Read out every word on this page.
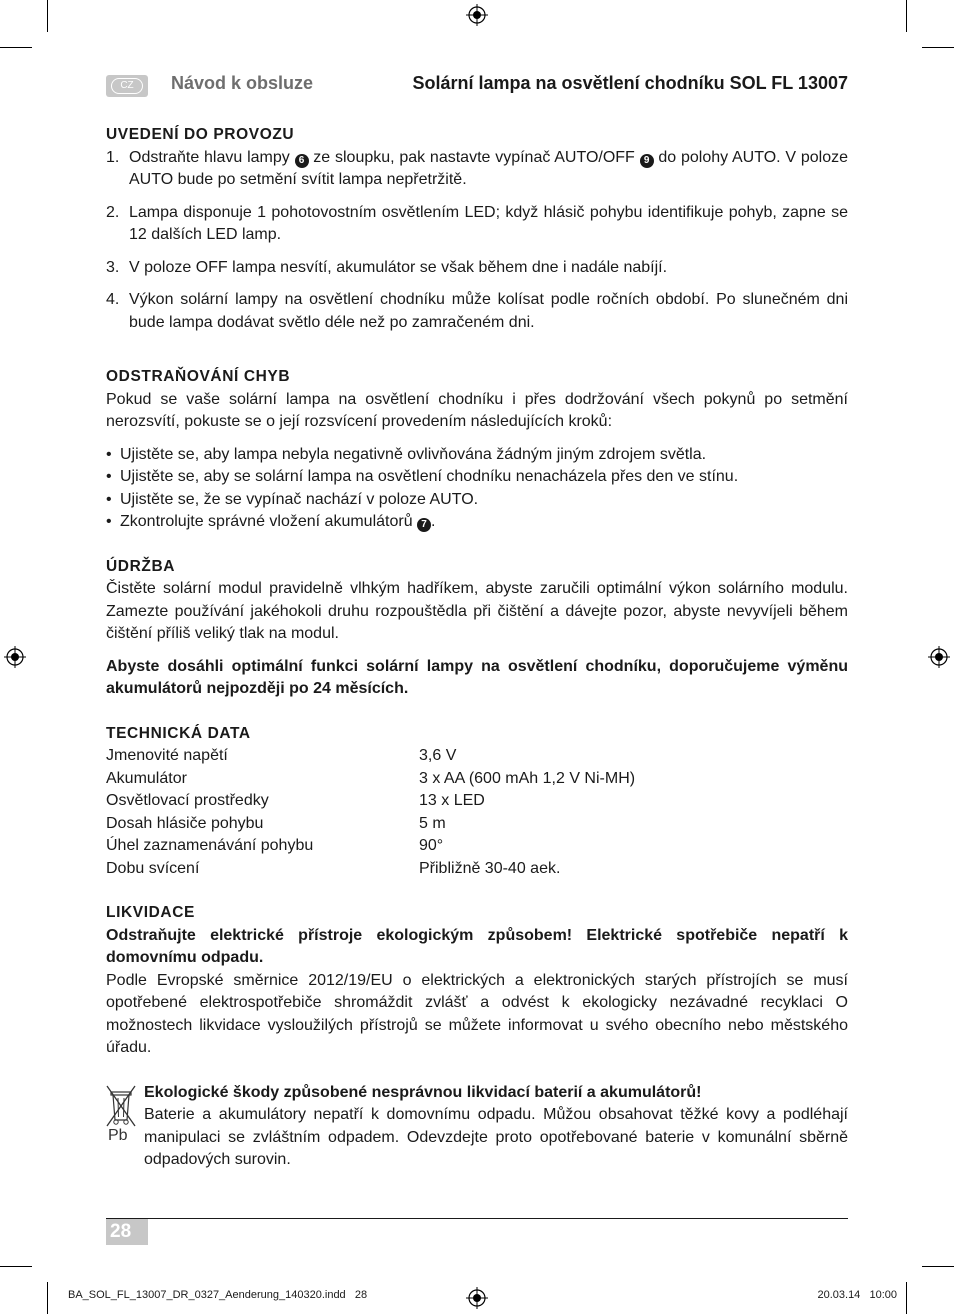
CZ	Návod k obsluze	Solární lampa na osvětlení chodníku SOL FL 13007

UVEDENÍ DO PROVOZU

1. Odstraňte hlavu lampy 6 ze sloupku, pak nastavte vypínač AUTO/OFF 9 do polohy AUTO. V poloze AUTO bude po setmění svítit lampa nepřetržitě.
2. Lampa disponuje 1 pohotovostním osvětlením LED; když hlásič pohybu identifikuje pohyb, zapne se 12 dalších LED lamp.
3. V poloze OFF lampa nesvítí, akumulátor se však během dne i nadále nabíjí.
4. Výkon solární lampy na osvětlení chodníku může kolísat podle ročních období. Po slunečném dni bude lampa dodávat světlo déle než po zamračeném dni.

ODSTRAŇOVÁNÍ CHYB

Pokud se vaše solární lampa na osvětlení chodníku i přes dodržování všech pokynů po setmění nerozsvítí, pokuste se o její rozsvícení provedením následujících kroků:

• Ujistěte se, aby lampa nebyla negativně ovlivňována žádným jiným zdrojem světla.
• Ujistěte se, aby se solární lampa na osvětlení chodníku nenacházela přes den ve stínu.
• Ujistěte se, že se vypínač nachází v poloze AUTO.
• Zkontrolujte správné vložení akumulátorů 7 .

ÚDRŽBA

Čistěte solární modul pravidelně vlhkým hadříkem, abyste zaručili optimální výkon solárního modulu. Zamezte používání jakéhokoli druhu rozpouštědla při čištění a dávejte pozor, abyste nevyvíjeli během čištění příliš veliký tlak na modul.

Abyste dosáhli optimální funkci solární lampy na osvětlení chodníku, doporučujeme výměnu akumulátorů nejpozději po 24 měsících.

TECHNICKÁ DATA

Jmenovité napětí	3,6 V
Akumulátor	3 x AA (600 mAh 1,2 V Ni-MH)
Osvětlovací prostředky	13 x LED
Dosah hlásiče pohybu	5 m
Úhel zaznamenávání pohybu	90°
Dobu svícení	Přibližně 30-40 aek.

LIKVIDACE

Odstraňujte elektrické přístroje ekologickým způsobem! Elektrické spotřebiče nepatří k domovnímu odpadu.

Podle Evropské směrnice 2012/19/EU o elektrických a elektronických starých přístrojích se musí opotřebené elektrospotřebiče shromáždit zvlášť a odvést k ekologicky nezávadné recyklaci O možnostech likvidace vysloužilých přístrojů se můžete informovat u svého obecního nebo městského úřadu.

Pb

Ekologické škody způsobené nesprávnou likvidací baterií a akumulátorů!

Baterie a akumulátory nepatří k domovnímu odpadu. Můžou obsahovat těžké kovy a podléhají manipulaci se zvláštním odpadem. Odevzdejte proto opotřebované baterie v komunální sběrně odpadových surovin.

28
BA_SOL_FL_13007_DR_0327_Aenderung_140320.indd   28	20.03.14   10:00
